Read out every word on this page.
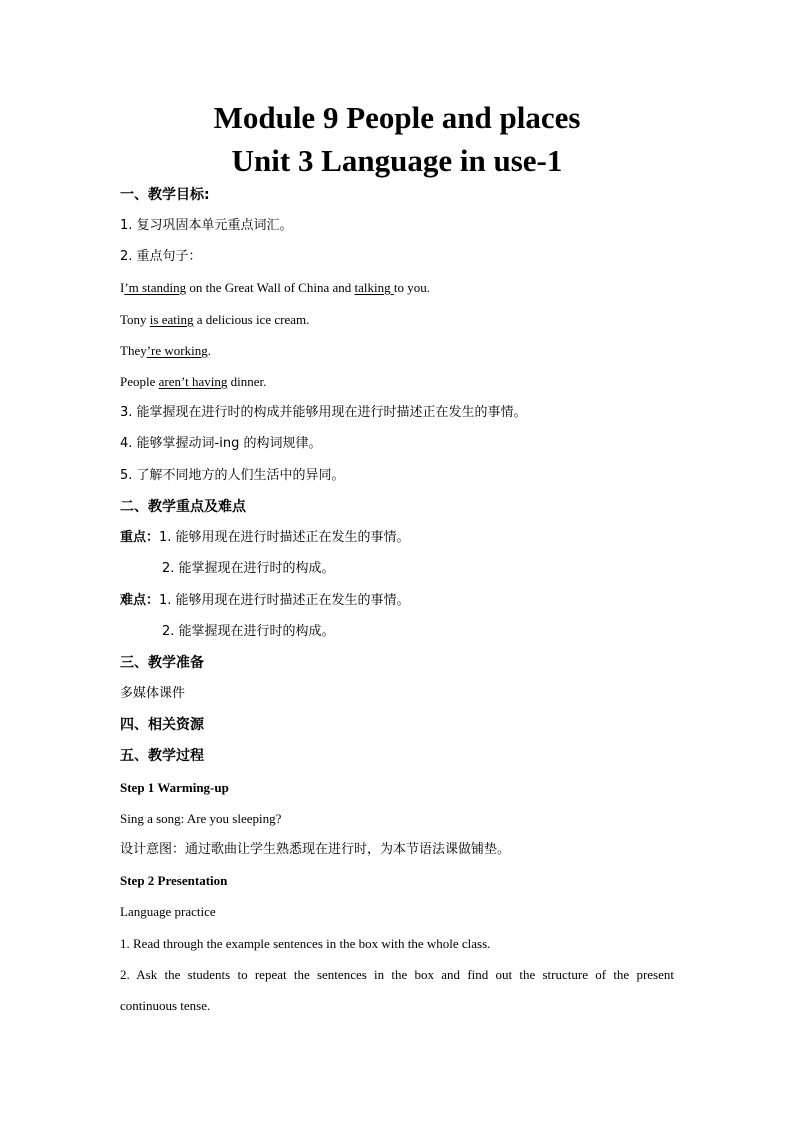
Module 9 People and places
Unit 3 Language in use-1
一、教学目标:
1. 复习巩固本单元重点词汇。
2. 重点句子：
I’m standing on the Great Wall of China and talking to you.
Tony is eating a delicious ice cream.
They’re working.
People aren’t having dinner.
3. 能掌握现在进行时的构成并能够用现在进行时描述正在发生的事情。
4. 能够掌握动词-ing 的构词规律。
5. 了解不同地方的人们生活中的异同。
二、教学重点及难点
重点：1. 能够用现在进行时描述正在发生的事情。
2. 能掌握现在进行时的构成。
难点：1. 能够用现在进行时描述正在发生的事情。
2. 能掌握现在进行时的构成。
三、教学准备
多媒体课件
四、相关资源
五、教学过程
Step 1 Warming-up
Sing a song: Are you sleeping?
设计意图：通过歌曲让学生熟悉现在进行时，为本节语法课做铺垫。
Step 2 Presentation
Language practice
1. Read through the example sentences in the box with the whole class.
2. Ask the students to repeat the sentences in the box and find out the structure of the present
continuous tense.
